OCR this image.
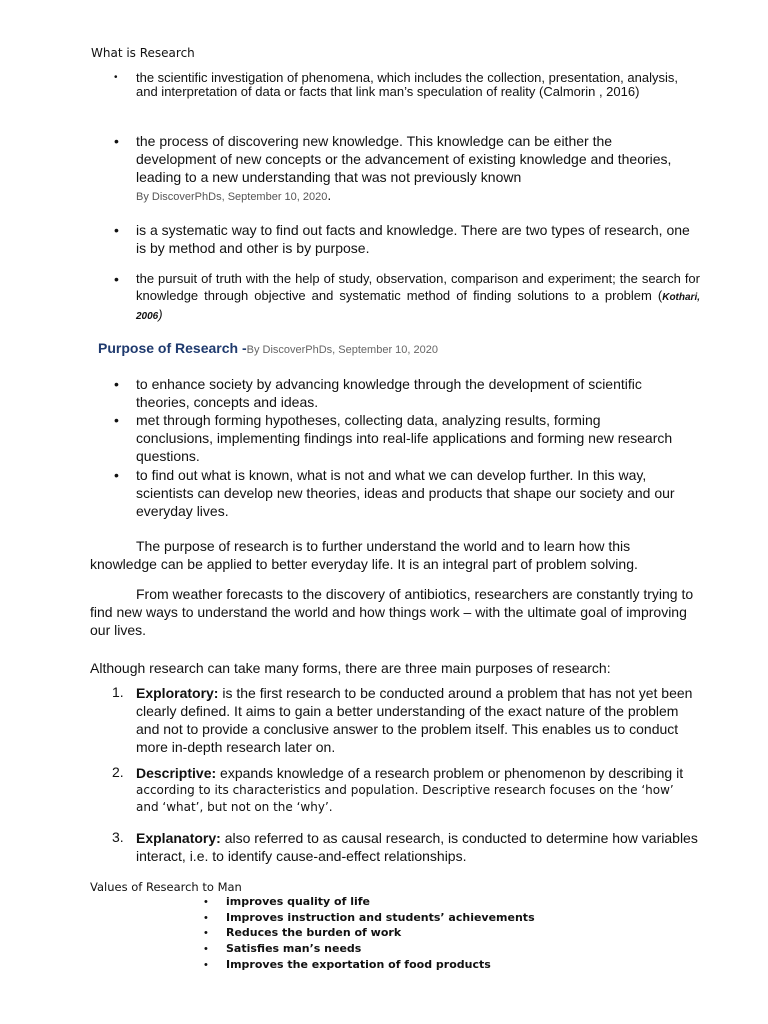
What is Research
• the scientific investigation of phenomena, which includes the collection, presentation, analysis, and interpretation of data or facts that link man’s speculation of reality (Calmorin , 2016)
• the process of discovering new knowledge. This knowledge can be either the development of new concepts or the advancement of existing knowledge and theories, leading to a new understanding that was not previously known
By DiscoverPhDs, September 10, 2020.
• is a systematic way to find out facts and knowledge. There are two types of research, one is by method and other is by purpose.
• the pursuit of truth with the help of study, observation, comparison and experiment; the search for knowledge through objective and systematic method of finding solutions to a problem (Kothari, 2006)
Purpose of Research -By DiscoverPhDs, September 10, 2020
• to enhance society by advancing knowledge through the development of scientific theories, concepts and ideas.
• met through forming hypotheses, collecting data, analyzing results, forming conclusions, implementing findings into real-life applications and forming new research questions.
• to find out what is known, what is not and what we can develop further. In this way, scientists can develop new theories, ideas and products that shape our society and our everyday lives.
The purpose of research is to further understand the world and to learn how this knowledge can be applied to better everyday life. It is an integral part of problem solving.
From weather forecasts to the discovery of antibiotics, researchers are constantly trying to find new ways to understand the world and how things work – with the ultimate goal of improving our lives.
Although research can take many forms, there are three main purposes of research:
1. Exploratory: is the first research to be conducted around a problem that has not yet been clearly defined. It aims to gain a better understanding of the exact nature of the problem and not to provide a conclusive answer to the problem itself. This enables us to conduct more in-depth research later on.
2. Descriptive: expands knowledge of a research problem or phenomenon by describing it
according to its characteristics and population. Descriptive research focuses on the ‘how’ and ‘what’, but not on the ‘why’.
3. Explanatory: also referred to as causal research, is conducted to determine how variables interact, i.e. to identify cause-and-effect relationships.
Values of Research to Man
• improves quality of life
• Improves instruction and students’ achievements
• Reduces the burden of work
• Satisfies man’s needs
• Improves the exportation of food products
